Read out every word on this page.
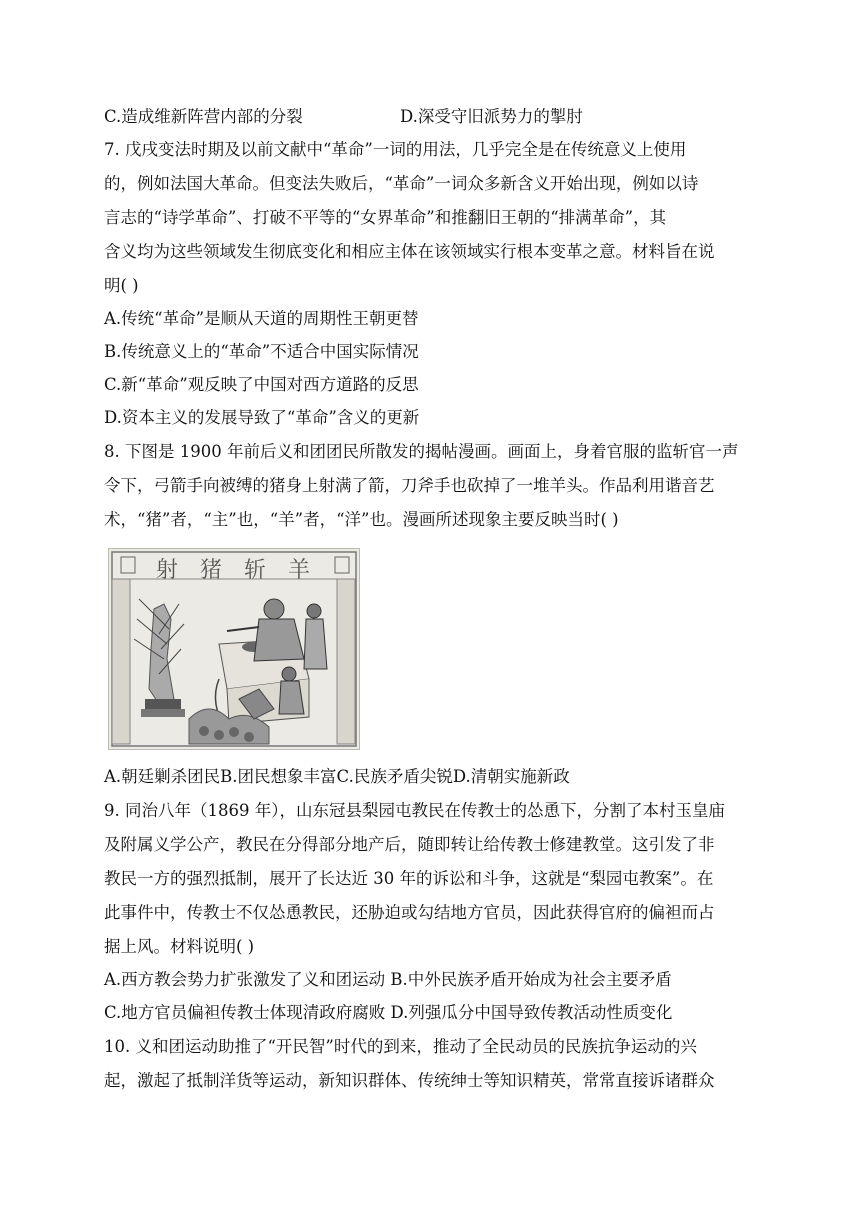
C.造成维新阵营内部的分裂	D.深受守旧派势力的掣肘
7. 戊戌变法时期及以前文献中“革命”一词的用法，几乎完全是在传统意义上使用
的，例如法国大革命。但变法失败后，“革命”一词众多新含义开始出现，例如以诗
言志的“诗学革命”、打破不平等的“女界革命”和推翻旧王朝的“排满革命”，其
含义均为这些领域发生彻底变化和相应主体在该领域实行根本变革之意。材料旨在说
明( )
A.传统“革命”是顺从天道的周期性王朝更替
B.传统意义上的“革命”不适合中国实际情况
C.新“革命”观反映了中国对西方道路的反思
D.资本主义的发展导致了“革命”含义的更新
8. 下图是 1900 年前后义和团团民所散发的揭帖漫画。画面上，身着官服的监斩官一声
令下，弓箭手向被缚的猪身上射满了箭，刀斧手也砍掉了一堆羊头。作品利用谐音艺
术，“猪”者，“主”也，“羊”者，“洋”也。漫画所述现象主要反映当时( )
射猪斩羊
A.朝廷剿杀团民B.团民想象丰富C.民族矛盾尖锐D.清朝实施新政
9. 同治八年（1869 年），山东冠县梨园屯教民在传教士的怂恿下，分割了本村玉皇庙
及附属义学公产，教民在分得部分地产后，随即转让给传教士修建教堂。这引发了非
教民一方的强烈抵制，展开了长达近 30 年的诉讼和斗争，这就是“梨园屯教案”。在
此事件中，传教士不仅怂恿教民，还胁迫或勾结地方官员，因此获得官府的偏袒而占
据上风。材料说明( )
A.西方教会势力扩张激发了义和团运动 B.中外民族矛盾开始成为社会主要矛盾
C.地方官员偏袒传教士体现清政府腐败 D.列强瓜分中国导致传教活动性质变化
10. 义和团运动助推了“开民智”时代的到来，推动了全民动员的民族抗争运动的兴
起，激起了抵制洋货等运动，新知识群体、传统绅士等知识精英，常常直接诉诸群众
